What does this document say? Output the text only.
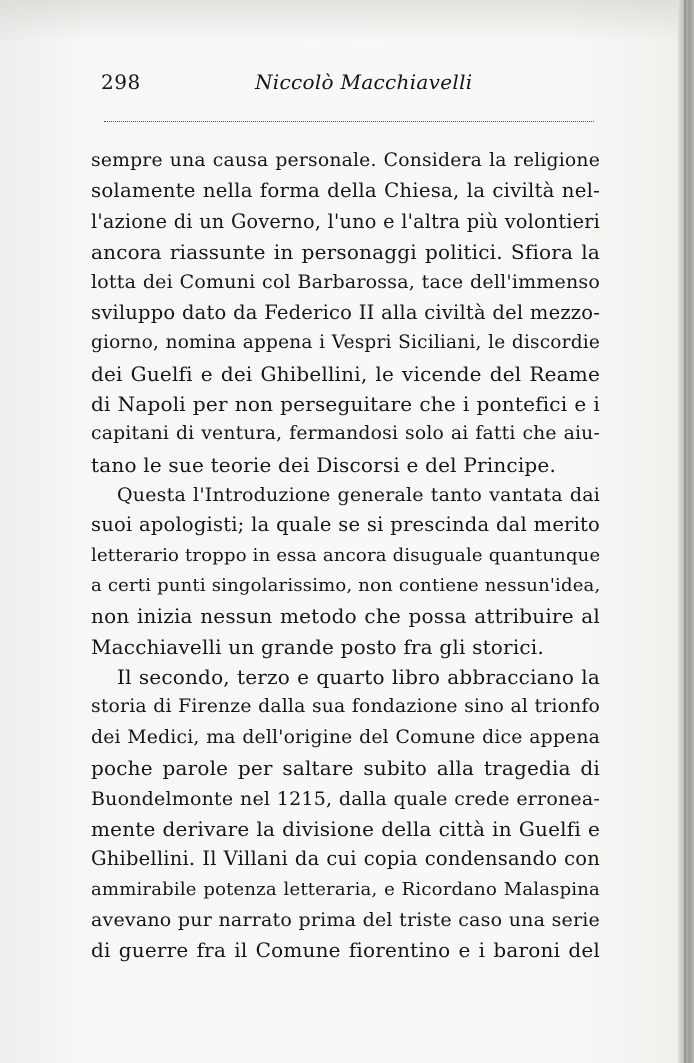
298	Niccolò Macchiavelli
sempre una causa personale. Considera la religione
solamente nella forma della Chiesa, la civiltà nel-
l'azione di un Governo, l'uno e l'altra più volontieri
ancora riassunte in personaggi politici. Sfiora la
lotta dei Comuni col Barbarossa, tace dell'immenso
sviluppo dato da Federico II alla civiltà del mezzo-
giorno, nomina appena i Vespri Siciliani, le discordie
dei Guelfi e dei Ghibellini, le vicende del Reame
di Napoli per non perseguitare che i pontefici e i
capitani di ventura, fermandosi solo ai fatti che aiu-
tano le sue teorie dei Discorsi e del Principe.
Questa l'Introduzione generale tanto vantata dai
suoi apologisti; la quale se si prescinda dal merito
letterario troppo in essa ancora disuguale quantunque
a certi punti singolarissimo, non contiene nessun'idea,
non inizia nessun metodo che possa attribuire al
Macchiavelli un grande posto fra gli storici.
Il secondo, terzo e quarto libro abbracciano la
storia di Firenze dalla sua fondazione sino al trionfo
dei Medici, ma dell'origine del Comune dice appena
poche parole per saltare subito alla tragedia di
Buondelmonte nel 1215, dalla quale crede erronea-
mente derivare la divisione della città in Guelfi e
Ghibellini. Il Villani da cui copia condensando con
ammirabile potenza letteraria, e Ricordano Malaspina
avevano pur narrato prima del triste caso una serie
di guerre fra il Comune fiorentino e i baroni del
